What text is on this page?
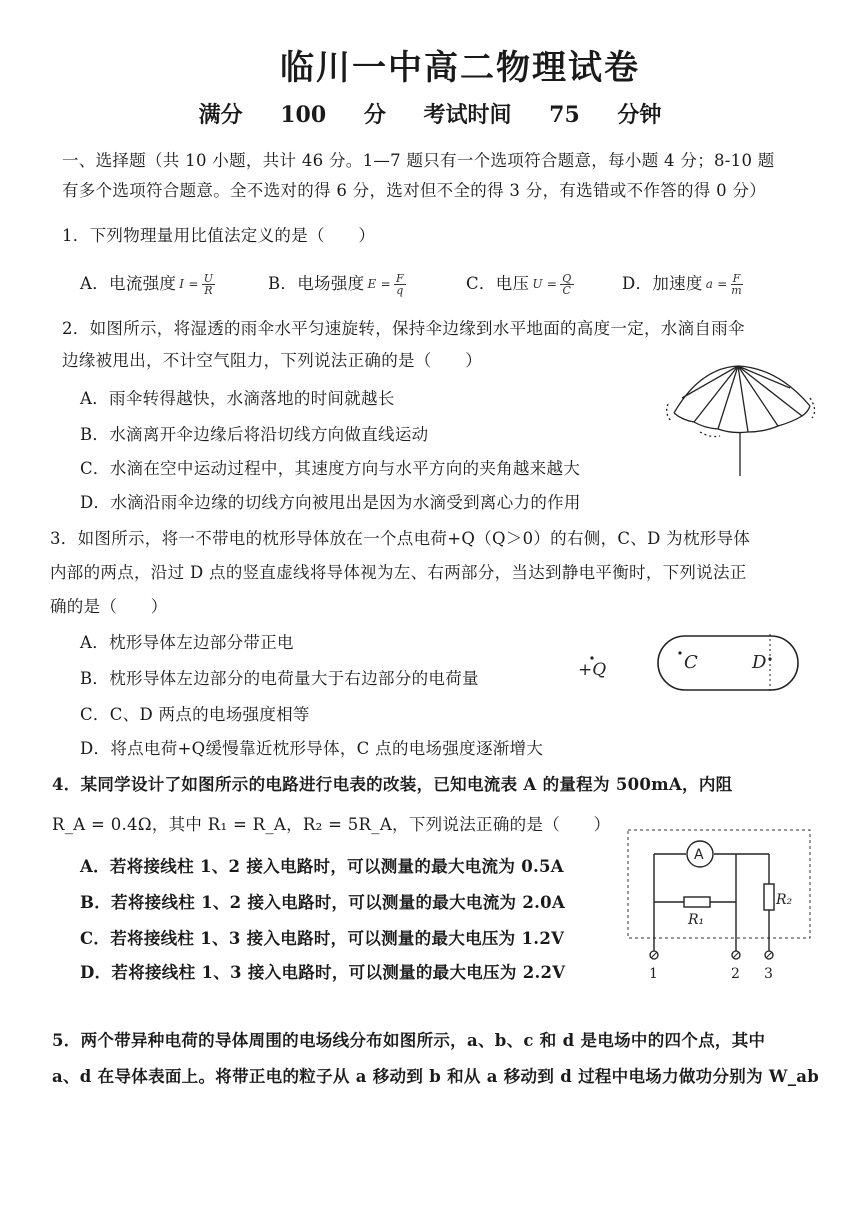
临川一中高二物理试卷
满分 100 分 考试时间 75 分钟
一、选择题（共 10 小题，共计 46 分。1—7 题只有一个选项符合题意，每小题 4 分；8-10 题
有多个选项符合题意。全不选对的得 6 分，选对但不全的得 3 分，有选错或不作答的得 0 分）
1．下列物理量用比值法定义的是（　　）
A．电流强度 $I = \frac{U}{R}$	B．电场强度 $E = \frac{F}{q}$	C．电压 $U = \frac{Q}{C}$	D．加速度 $a = \frac{F}{m}$
2．如图所示，将湿透的雨伞水平匀速旋转，保持伞边缘到水平地面的高度一定，水滴自雨伞
边缘被甩出，不计空气阻力，下列说法正确的是（　　）
A．雨伞转得越快，水滴落地的时间就越长
B．水滴离开伞边缘后将沿切线方向做直线运动
C．水滴在空中运动过程中，其速度方向与水平方向的夹角越来越大
D．水滴沿雨伞边缘的切线方向被甩出是因为水滴受到离心力的作用
3．如图所示，将一不带电的枕形导体放在一个点电荷+Q（Q＞0）的右侧，C、D 为枕形导体
内部的两点，沿过 D 点的竖直虚线将导体视为左、右两部分，当达到静电平衡时，下列说法正
确的是（　　）
A．枕形导体左边部分带正电
B．枕形导体左边部分的电荷量大于右边部分的电荷量
C．C、D 两点的电场强度相等
D．将点电荷+Q缓慢靠近枕形导体，C 点的电场强度逐渐增大
+Q	C	D
4．某同学设计了如图所示的电路进行电表的改装，已知电流表 A 的量程为 500mA，内阻
R_A = 0.4Ω，其中 R₁ = R_A，R₂ = 5R_A，下列说法正确的是（　　）
A．若将接线柱 1、2 接入电路时，可以测量的最大电流为 0.5A
B．若将接线柱 1、2 接入电路时，可以测量的最大电流为 2.0A
C．若将接线柱 1、3 接入电路时，可以测量的最大电压为 1.2V
D．若将接线柱 1、3 接入电路时，可以测量的最大电压为 2.2V
A
R₁
R₂
1	2 3
5．两个带异种电荷的导体周围的电场线分布如图所示，a、b、c 和 d 是电场中的四个点，其中
a、d 在导体表面上。将带正电的粒子从 a 移动到 b 和从 a 移动到 d 过程中电场力做功分别为 W_ab
